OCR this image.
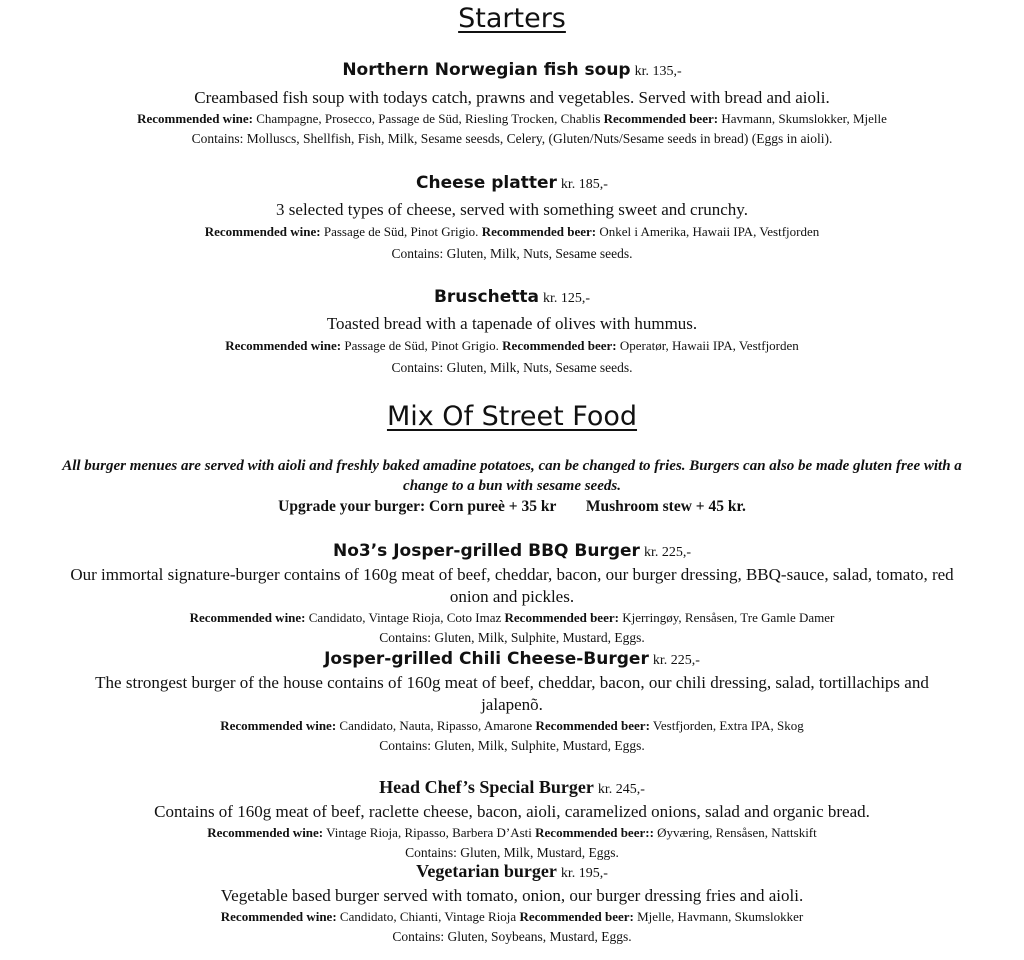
Starters

Northern Norwegian fish soup kr. 135,-

Creambased fish soup with todays catch, prawns and vegetables. Served with bread and aioli.

Recommended wine: Champagne, Prosecco, Passage de Süd, Riesling Trocken, Chablis Recommended beer: Havmann, Skumslokker, Mjelle

Contains: Molluscs, Shellfish, Fish, Milk, Sesame seesds, Celery, (Gluten/Nuts/Sesame seeds in bread) (Eggs in aioli).

Cheese platter kr. 185,-

3 selected types of cheese, served with something sweet and crunchy.

Recommended wine: Passage de Süd, Pinot Grigio. Recommended beer: Onkel i Amerika, Hawaii IPA, Vestfjorden

Contains: Gluten, Milk, Nuts, Sesame seeds.

Bruschetta kr. 125,-

Toasted bread with a tapenade of olives with hummus.

Recommended wine: Passage de Süd, Pinot Grigio. Recommended beer: Operatør, Hawaii IPA, Vestfjorden

Contains: Gluten, Milk, Nuts, Sesame seeds.

Mix Of Street Food

All burger menues are served with aioli and freshly baked amadine potatoes, can be changed to fries. Burgers can also be made gluten free with a change to a bun with sesame seeds.

Upgrade your burger: Corn pureè + 35 kr Mushroom stew + 45 kr.

No3’s Josper-grilled BBQ Burger kr. 225,-

Our immortal signature-burger contains of 160g meat of beef, cheddar, bacon, our burger dressing, BBQ-sauce, salad, tomato, red onion and pickles.

Recommended wine: Candidato, Vintage Rioja, Coto Imaz Recommended beer: Kjerringøy, Rensåsen, Tre Gamle Damer

Contains: Gluten, Milk, Sulphite, Mustard, Eggs.

Josper-grilled Chili Cheese-Burger kr. 225,-

The strongest burger of the house contains of 160g meat of beef, cheddar, bacon, our chili dressing, salad, tortillachips and jalapenõ.

Recommended wine: Candidato, Nauta, Ripasso, Amarone Recommended beer: Vestfjorden, Extra IPA, Skog

Contains: Gluten, Milk, Sulphite, Mustard, Eggs.

Head Chef’s Special Burger kr. 245,-

Contains of 160g meat of beef, raclette cheese, bacon, aioli, caramelized onions, salad and organic bread.

Recommended wine: Vintage Rioja, Ripasso, Barbera D’Asti Recommended beer:: Øyværing, Rensåsen, Nattskift

Contains: Gluten, Milk, Mustard, Eggs.

Vegetarian burger kr. 195,-

Vegetable based burger served with tomato, onion, our burger dressing fries and aioli.

Recommended wine: Candidato, Chianti, Vintage Rioja Recommended beer: Mjelle, Havmann, Skumslokker

Contains: Gluten, Soybeans, Mustard, Eggs.
